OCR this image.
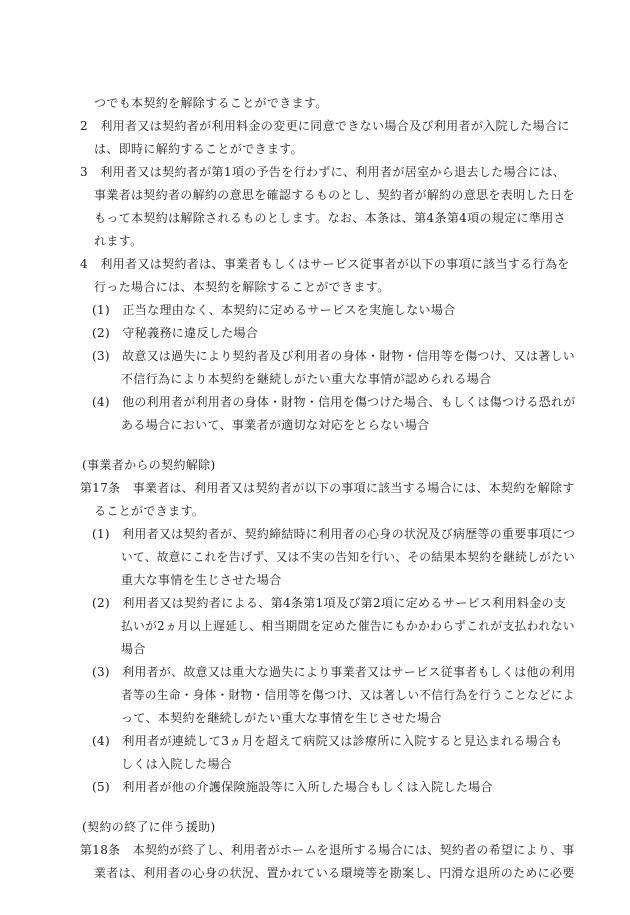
つでも本契約を解除することができます。
2　利用者又は契約者が利用料金の変更に同意できない場合及び利用者が入院した場合に
は、即時に解約することができます。
3　利用者又は契約者が第1項の予告を行わずに、利用者が居室から退去した場合には、
事業者は契約者の解約の意思を確認するものとし、契約者が解約の意思を表明した日を
もって本契約は解除されるものとします。なお、本条は、第4条第4項の規定に準用さ
れます。
4　利用者又は契約者は、事業者もしくはサービス従事者が以下の事項に該当する行為を
行った場合には、本契約を解除することができます。
(1)　正当な理由なく、本契約に定めるサービスを実施しない場合
(2)　守秘義務に違反した場合
(3)　故意又は過失により契約者及び利用者の身体・財物・信用等を傷つけ、又は著しい
不信行為により本契約を継続しがたい重大な事情が認められる場合
(4)　他の利用者が利用者の身体・財物・信用を傷つけた場合、もしくは傷つける恐れが
ある場合において、事業者が適切な対応をとらない場合
(事業者からの契約解除)
第17条　事業者は、利用者又は契約者が以下の事項に該当する場合には、本契約を解除す
ることができます。
(1)　利用者又は契約者が、契約締結時に利用者の心身の状況及び病歴等の重要事項につ
いて、故意にこれを告げず、又は不実の告知を行い、その結果本契約を継続しがたい
重大な事情を生じさせた場合
(2)　利用者又は契約者による、第4条第1項及び第2項に定めるサービス利用料金の支
払いが2ヵ月以上遅延し、相当期間を定めた催告にもかかわらずこれが支払われない
場合
(3)　利用者が、故意又は重大な過失により事業者又はサービス従事者もしくは他の利用
者等の生命・身体・財物・信用等を傷つけ、又は著しい不信行為を行うことなどによ
って、本契約を継続しがたい重大な事情を生じさせた場合
(4)　利用者が連続して3ヵ月を超えて病院又は診療所に入院すると見込まれる場合も
しくは入院した場合
(5)　利用者が他の介護保険施設等に入所した場合もしくは入院した場合
(契約の終了に伴う援助)
第18条　本契約が終了し、利用者がホームを退所する場合には、契約者の希望により、事
業者は、利用者の心身の状況、置かれている環境等を勘案し、円滑な退所のために必要
